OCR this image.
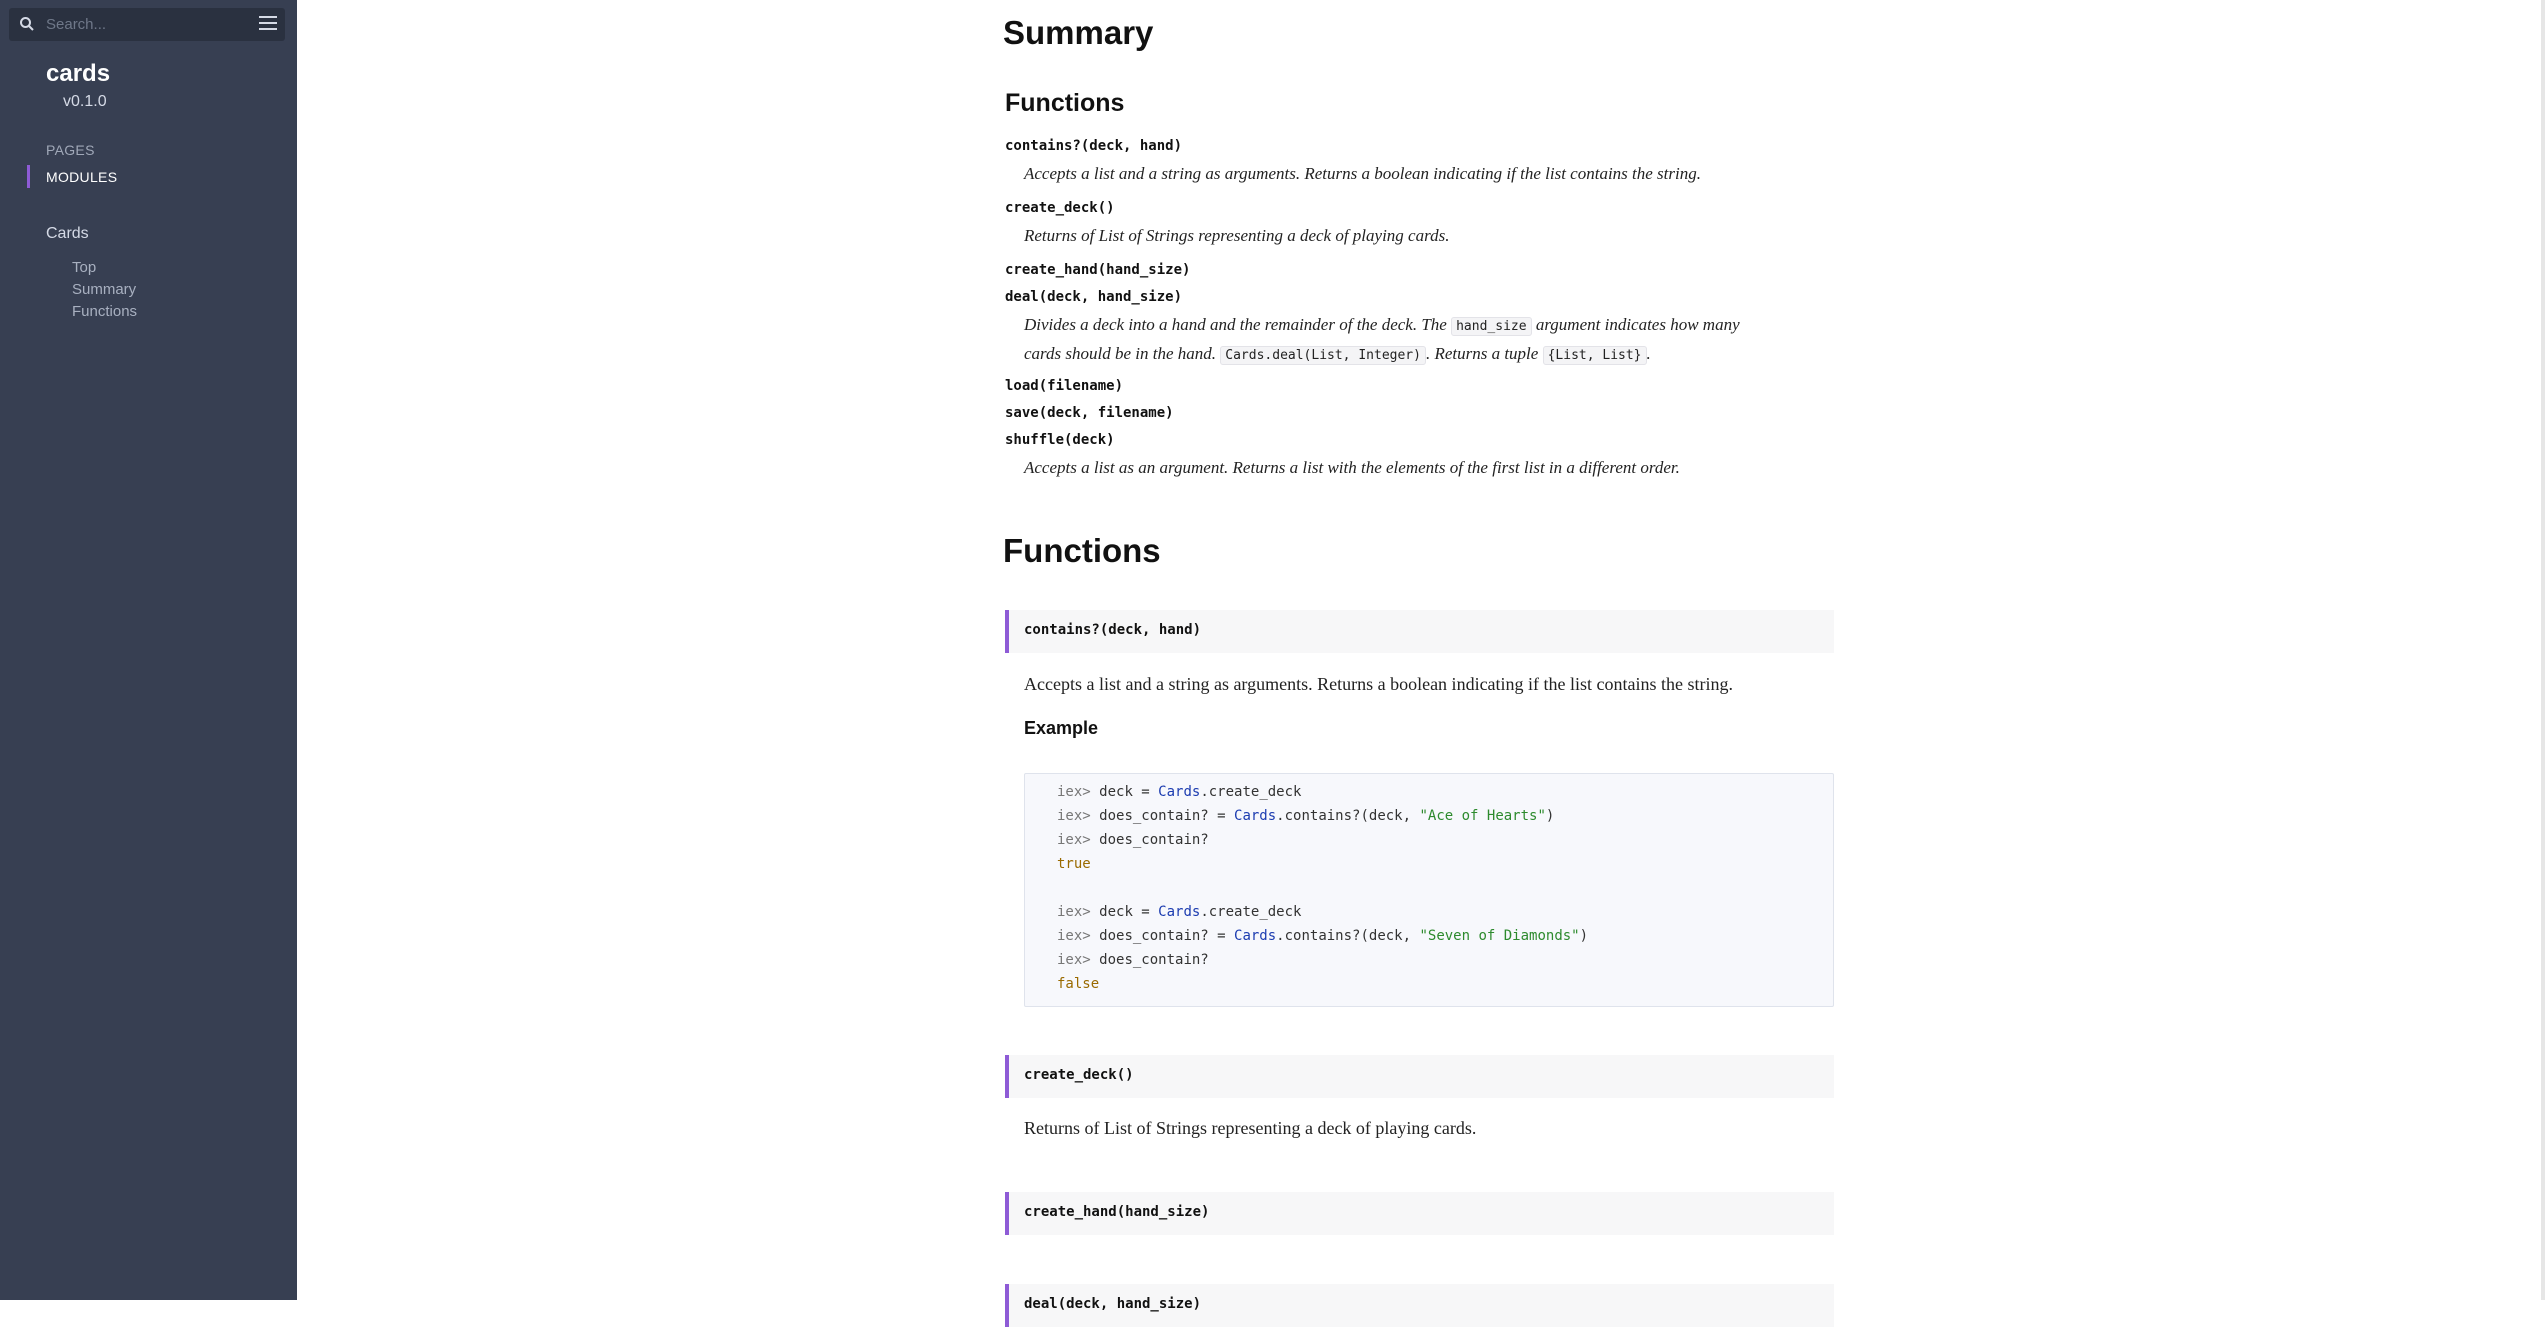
Search...
cards
v0.1.0
PAGES
MODULES
Cards
Top
Summary
Functions
Summary
Functions
contains?(deck, hand)
Accepts a list and a string as arguments. Returns a boolean indicating if the list contains the string.
create_deck()
Returns of List of Strings representing a deck of playing cards.
create_hand(hand_size)
deal(deck, hand_size)
Divides a deck into a hand and the remainder of the deck. The hand_size argument indicates how many
cards should be in the hand. Cards.deal(List, Integer) . Returns a tuple {List, List} .
load(filename)
save(deck, filename)
shuffle(deck)
Accepts a list as an argument. Returns a list with the elements of the first list in a different order.
Functions
contains?(deck, hand)
Accepts a list and a string as arguments. Returns a boolean indicating if the list contains the string.
Example
iex> deck = Cards.create_deck
iex> does_contain? = Cards.contains?(deck, "Ace of Hearts")
iex> does_contain?
true
iex> deck = Cards.create_deck
iex> does_contain? = Cards.contains?(deck, "Seven of Diamonds")
iex> does_contain?
false
create_deck()
Returns of List of Strings representing a deck of playing cards.
create_hand(hand_size)
deal(deck, hand_size)
